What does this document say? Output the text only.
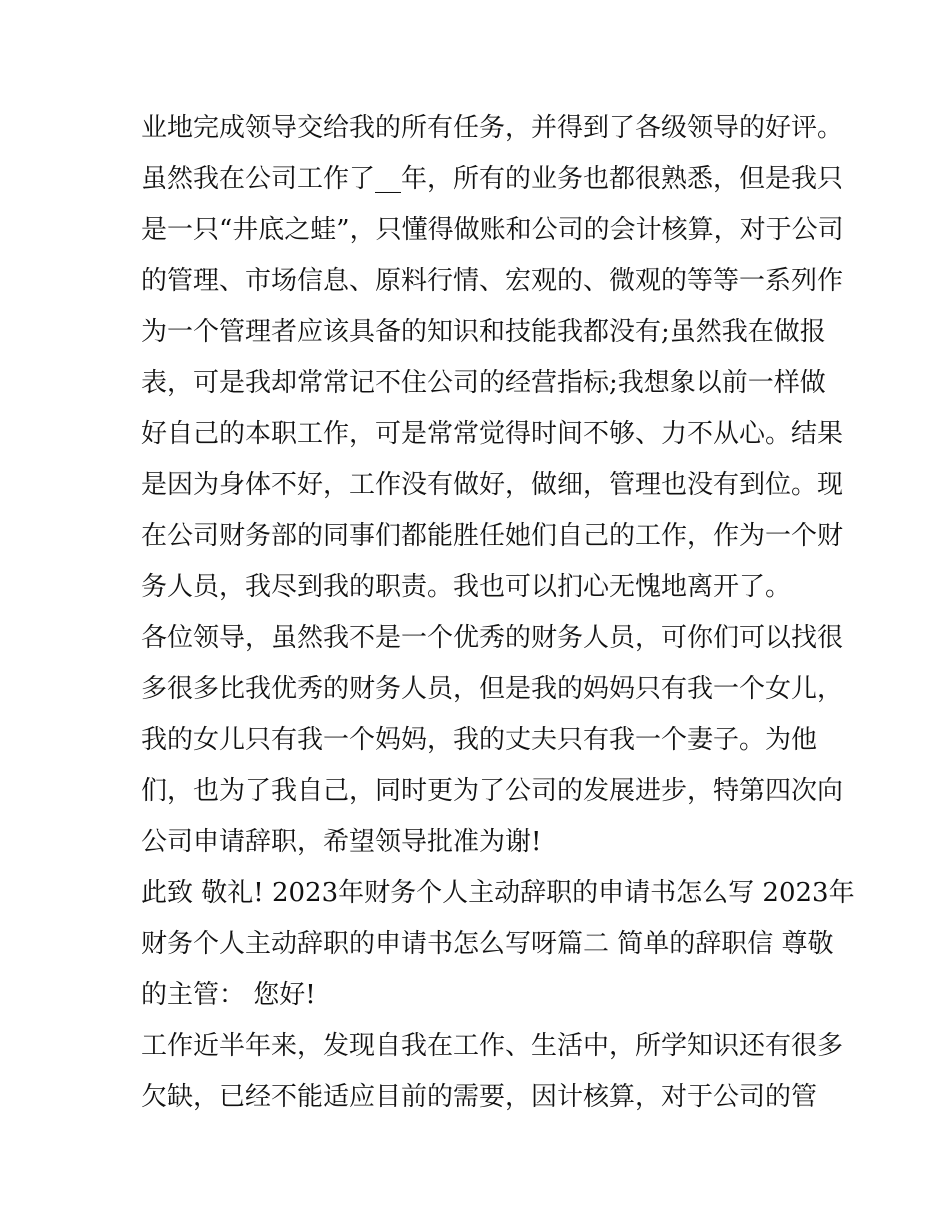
业地完成领导交给我的所有任务，并得到了各级领导的好评。
虽然我在公司工作了__年，所有的业务也都很熟悉，但是我只
是一只“井底之蛙”，只懂得做账和公司的会计核算，对于公司
的管理、市场信息、原料行情、宏观的、微观的等等一系列作
为一个管理者应该具备的知识和技能我都没有;虽然我在做报
表，可是我却常常记不住公司的经营指标;我想象以前一样做
好自己的本职工作，可是常常觉得时间不够、力不从心。结果
是因为身体不好，工作没有做好，做细，管理也没有到位。现
在公司财务部的同事们都能胜任她们自己的工作，作为一个财
务人员，我尽到我的职责。我也可以扪心无愧地离开了。
各位领导，虽然我不是一个优秀的财务人员，可你们可以找很
多很多比我优秀的财务人员，但是我的妈妈只有我一个女儿，
我的女儿只有我一个妈妈，我的丈夫只有我一个妻子。为他
们，也为了我自己，同时更为了公司的发展进步，特第四次向
公司申请辞职，希望领导批准为谢!
此致 敬礼! 2023年财务个人主动辞职的申请书怎么写 2023年
财务个人主动辞职的申请书怎么写呀篇二 简单的辞职信 尊敬
的主管： 您好!
工作近半年来，发现自我在工作、生活中，所学知识还有很多
欠缺，已经不能适应目前的需要，因计核算，对于公司的管
